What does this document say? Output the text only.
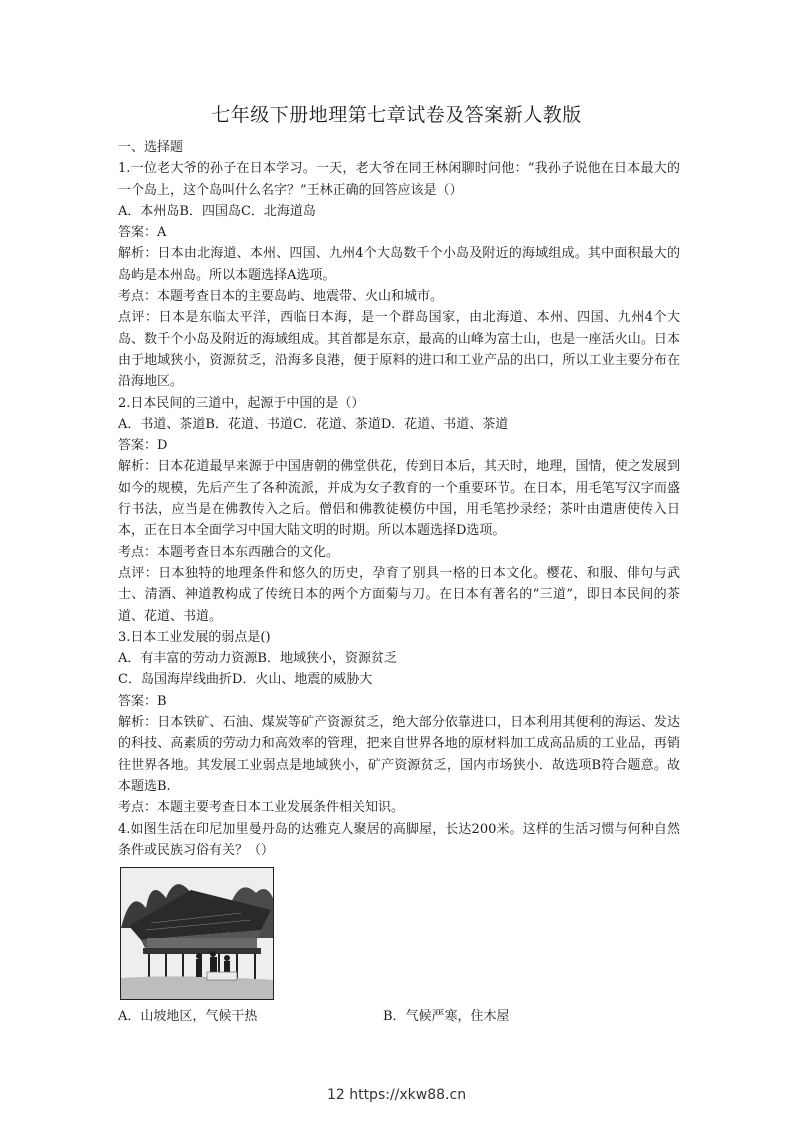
七年级下册地理第七章试卷及答案新人教版

一、选择题

1.一位老大爷的孙子在日本学习。一天，老大爷在同王林闲聊时问他：“我孙子说他在日本最大的一个岛上，这个岛叫什么名字？”王林正确的回答应该是（）

A．本州岛B．四国岛C．北海道岛

答案：A

解析：日本由北海道、本州、四国、九州4个大岛数千个小岛及附近的海域组成。其中面积最大的岛屿是本州岛。所以本题选择A选项。

考点：本题考查日本的主要岛屿、地震带、火山和城市。

点评：日本是东临太平洋，西临日本海，是一个群岛国家，由北海道、本州、四国、九州4个大岛、数千个小岛及附近的海域组成。其首都是东京，最高的山峰为富士山，也是一座活火山。日本由于地域狭小，资源贫乏，沿海多良港，便于原料的进口和工业产品的出口，所以工业主要分布在沿海地区。

2.日本民间的三道中，起源于中国的是（）

A．书道、茶道B．花道、书道C．花道、茶道D．花道、书道、茶道

答案：D

解析：日本花道最早来源于中国唐朝的佛堂供花，传到日本后，其天时，地理，国情，使之发展到如今的规模，先后产生了各种流派，并成为女子教育的一个重要环节。在日本，用毛笔写汉字而盛行书法，应当是在佛教传入之后。僧侣和佛教徒模仿中国，用毛笔抄录经；茶叶由遣唐使传入日本，正在日本全面学习中国大陆文明的时期。所以本题选择D选项。

考点：本题考查日本东西融合的文化。

点评：日本独特的地理条件和悠久的历史，孕育了别具一格的日本文化。樱花、和服、俳句与武士、清酒、神道教构成了传统日本的两个方面菊与刀。在日本有著名的“三道”，即日本民间的茶道、花道、书道。

3.日本工业发展的弱点是()

A．有丰富的劳动力资源B．地域狭小，资源贫乏

C．岛国海岸线曲折D．火山、地震的威胁大

答案：B

解析：日本铁矿、石油、煤炭等矿产资源贫乏，绝大部分依靠进口，日本利用其便利的海运、发达的科技、高素质的劳动力和高效率的管理，把来自世界各地的原材料加工成高品质的工业品，再销往世界各地。其发展工业弱点是地域狭小，矿产资源贫乏，国内市场狭小．故选项B符合题意。故本题选B.

考点：本题主要考查日本工业发展条件相关知识。

4.如图生活在印尼加里曼丹岛的达雅克人聚居的高脚屋，长达200米。这样的生活习惯与何种自然条件或民族习俗有关？（）

A．山坡地区，气候干热	B．气候严寒，住木屋

12 https://xkw88.cn
